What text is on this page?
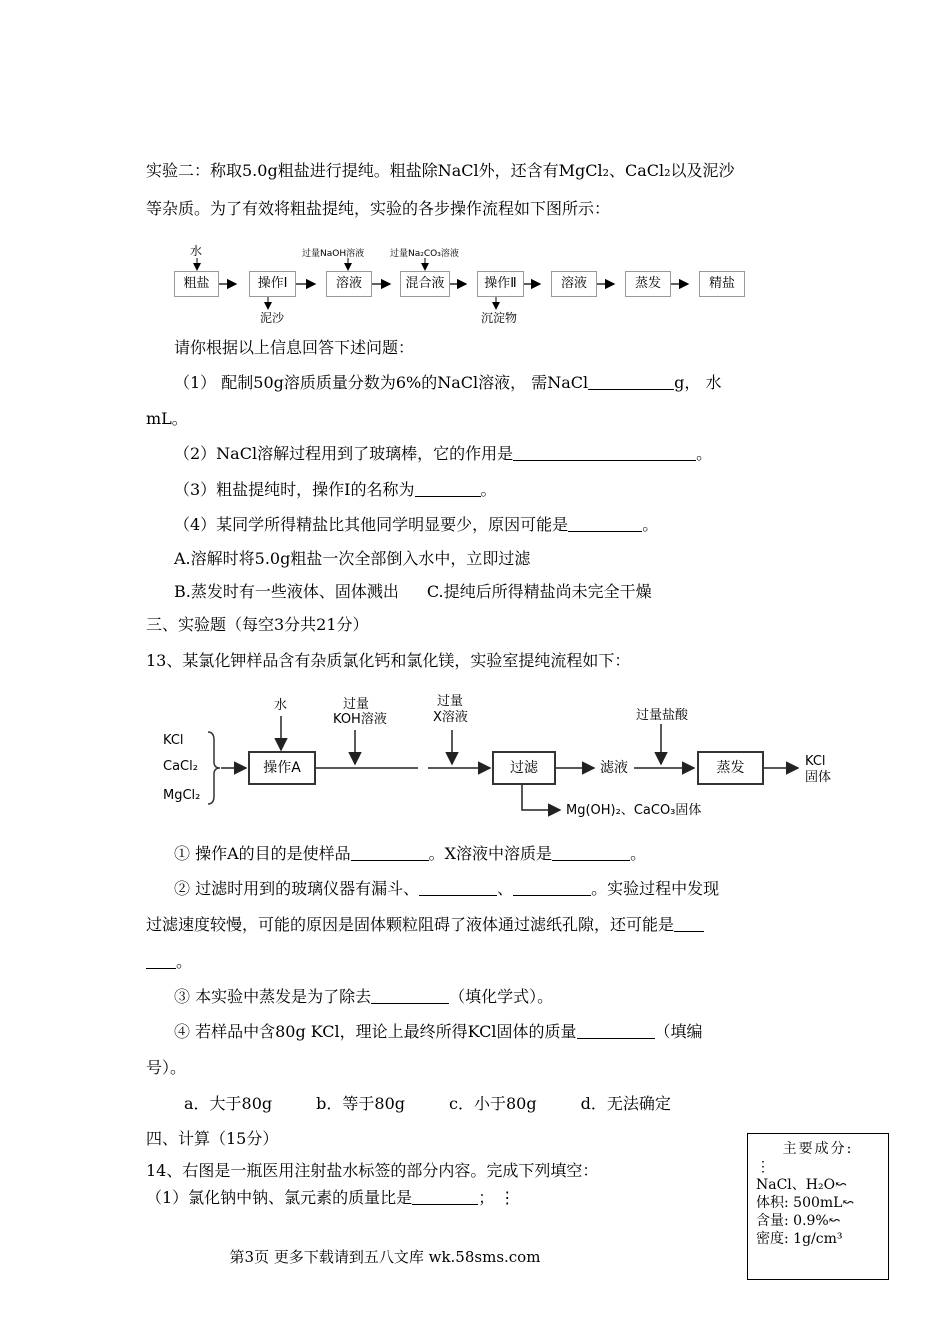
实验二：称取5.0g粗盐进行提纯。粗盐除NaCl外，还含有MgCl₂、CaCl₂以及泥沙
等杂质。为了有效将粗盐提纯，实验的各步操作流程如下图所示：
水	过量NaOH溶液	过量Na₂CO₃溶液
粗盐	操作Ⅰ	溶液	混合液	操作Ⅱ	溶液	蒸发	精盐
泥沙	沉淀物
请你根据以上信息回答下述问题：
（1） 配制50g溶质质量分数为6%的NaCl溶液， 需NaCl	g， 水
mL。
（2）NaCl溶解过程用到了玻璃棒，它的作用是	。
（3）粗盐提纯时，操作Ⅰ的名称为	。
（4）某同学所得精盐比其他同学明显要少，原因可能是	。
A.溶解时将5.0g粗盐一次全部倒入水中，立即过滤
B.蒸发时有一些液体、固体溅出 C.提纯后所得精盐尚未完全干燥
三、实验题（每空3分共21分）
13、某氯化钾样品含有杂质氯化钙和氯化镁，实验室提纯流程如下：
KCl
CaCl₂
MgCl₂
水	过量
KOH溶液
过量
X溶液	过量盐酸
操作A	过滤	滤液	蒸发	KCl
固体
Mg(OH)₂、CaCO₃固体
① 操作A的目的是使样品	。X溶液中溶质是	。
② 过滤时用到的玻璃仪器有漏斗、	、	。实验过程中发现
过滤速度较慢，可能的原因是固体颗粒阻碍了液体通过滤纸孔隙，还可能是
。
③ 本实验中蒸发是为了除去	（填化学式）。
④ 若样品中含80g KCl，理论上最终所得KCl固体的质量	（填编
号）。
a．大于80g	b．等于80g	c．小于80g	d．无法确定
四、计算（15分）
14、右图是一瓶医用注射盐水标签的部分内容。完成下列填空：
（1）氯化钠中钠、氯元素的质量比是	； ⋮
主要成分:
⋮
NaCl、H₂O↜
体积: 500mL↜
含量: 0.9%↜
密度: 1g/cm³
第3页 更多下载请到五八文库 wk.58sms.com
